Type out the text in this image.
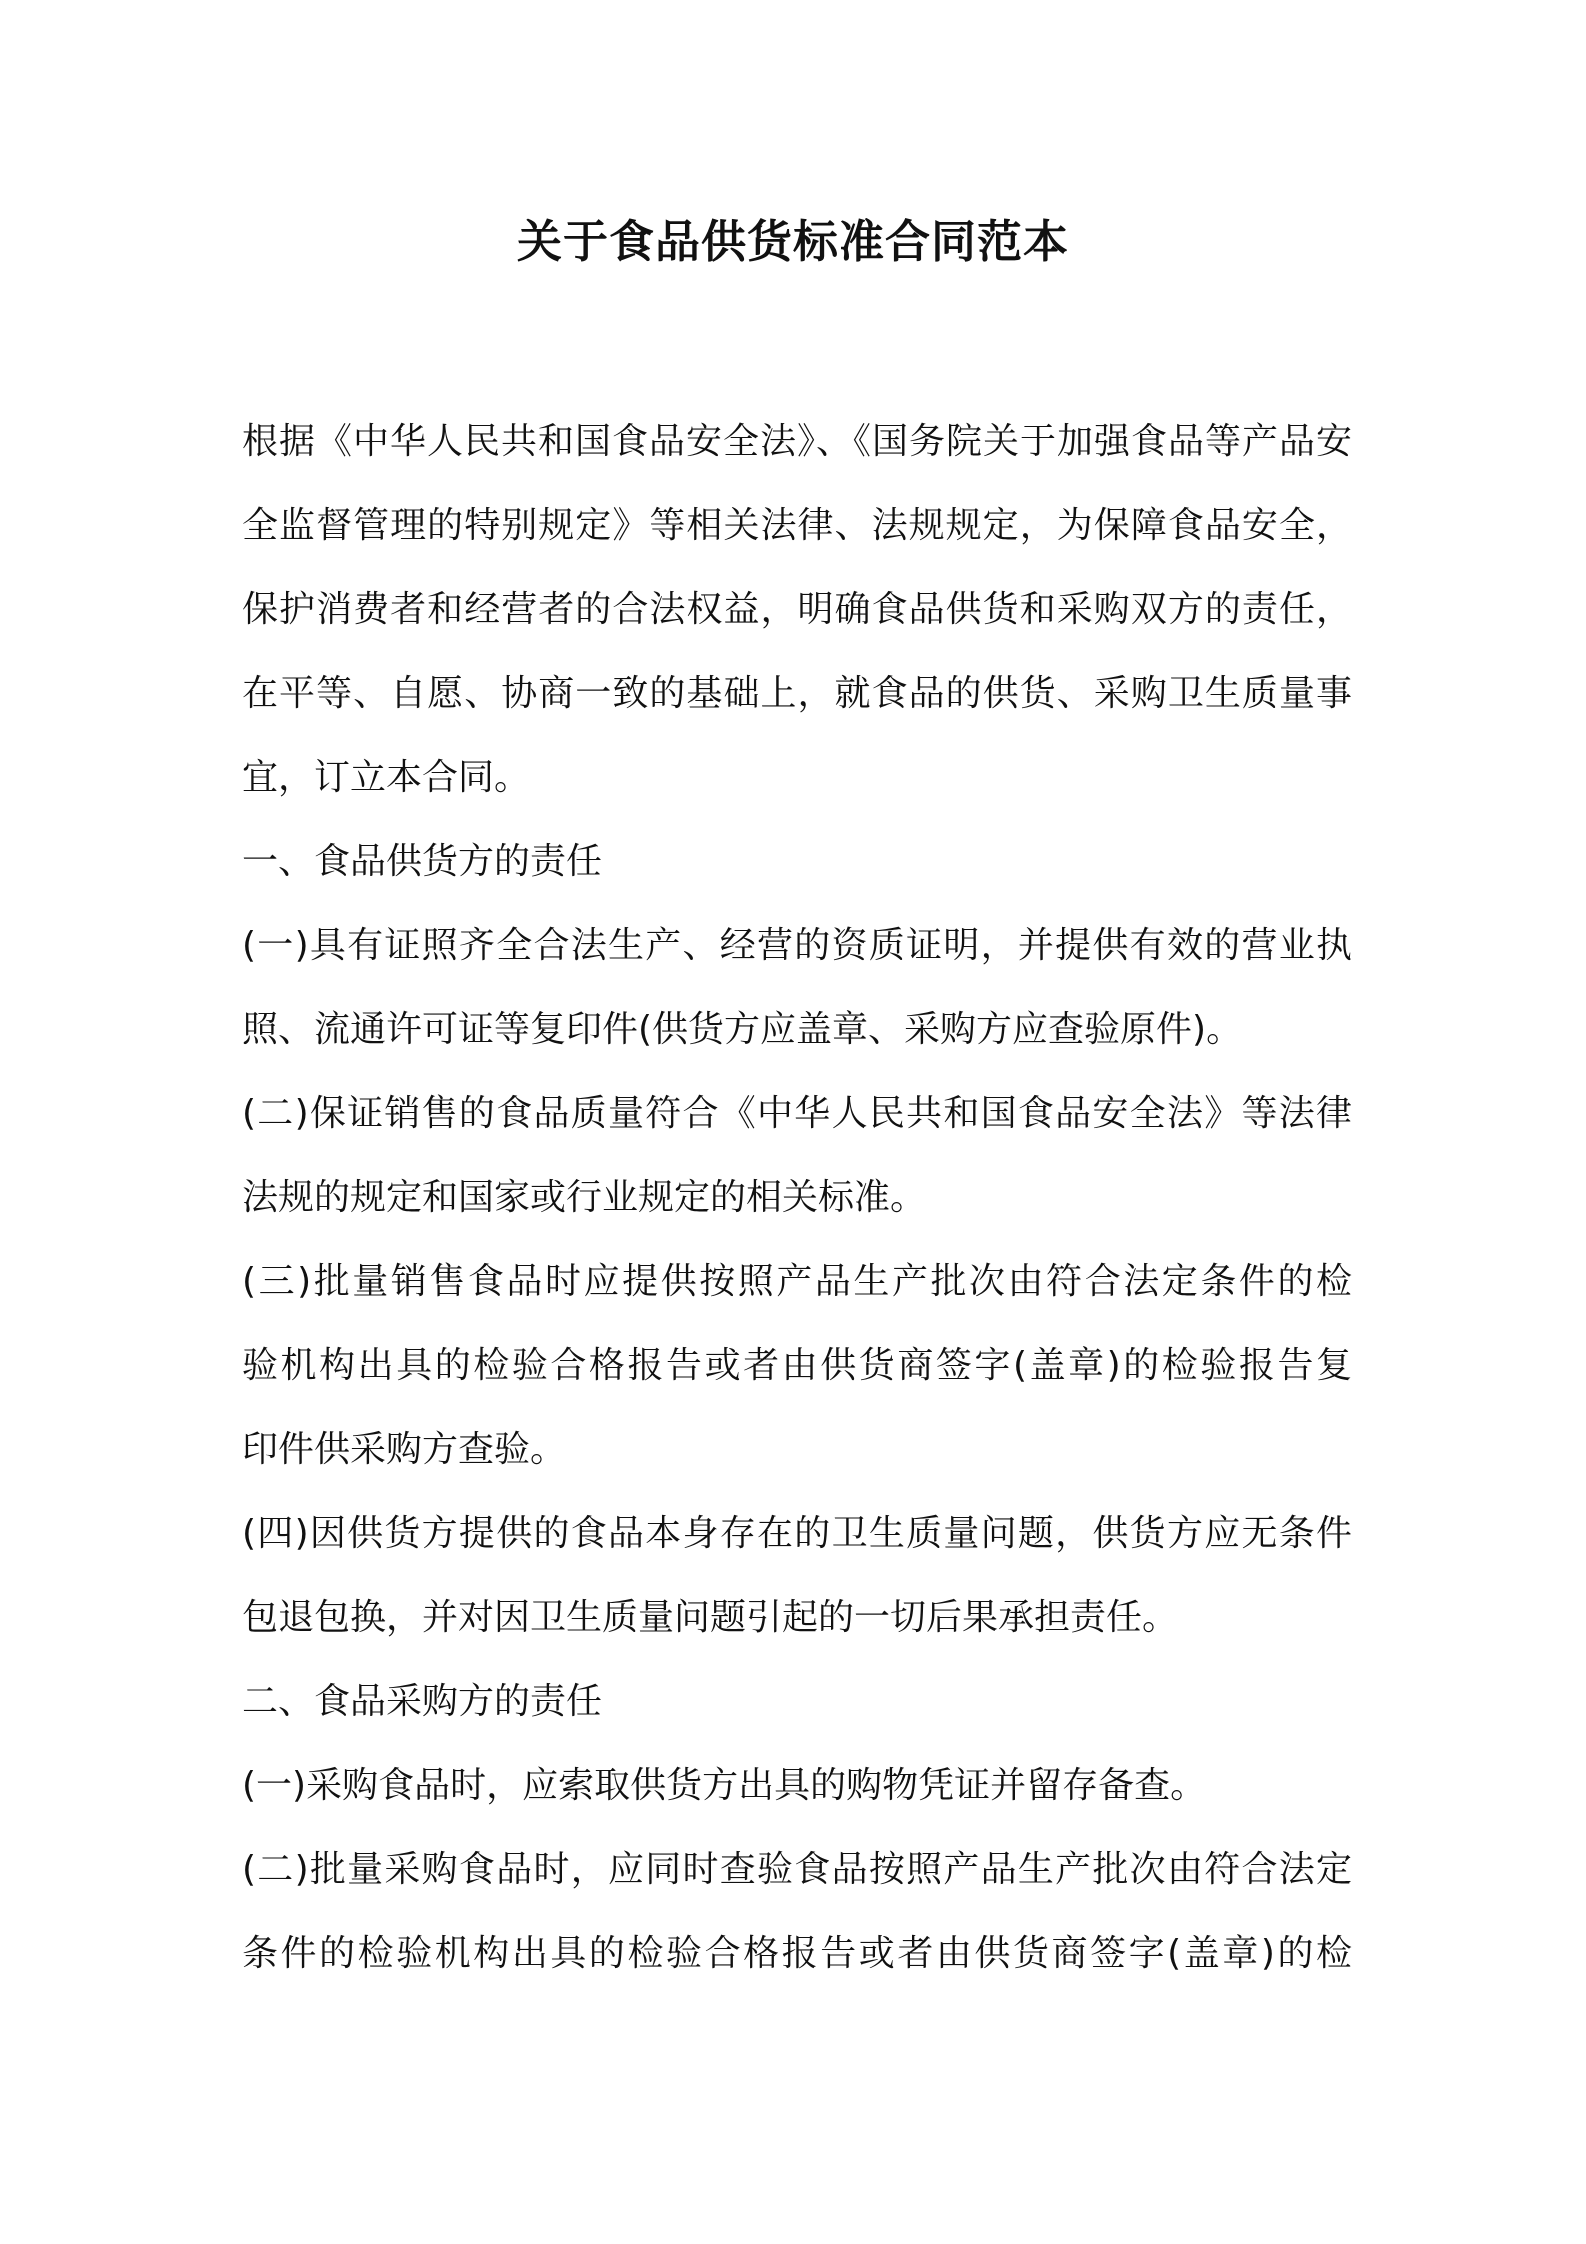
关于食品供货标准合同范本

根据《中华人民共和国食品安全法》、《国务院关于加强食品等产品安

全监督管理的特别规定》等相关法律、法规规定，为保障食品安全，

保护消费者和经营者的合法权益，明确食品供货和采购双方的责任，

在平等、自愿、协商一致的基础上，就食品的供货、采购卫生质量事

宜，订立本合同。

一、食品供货方的责任

(一)具有证照齐全合法生产、经营的资质证明，并提供有效的营业执

照、流通许可证等复印件(供货方应盖章、采购方应查验原件)。

(二)保证销售的食品质量符合《中华人民共和国食品安全法》等法律

法规的规定和国家或行业规定的相关标准。

(三)批量销售食品时应提供按照产品生产批次由符合法定条件的检

验机构出具的检验合格报告或者由供货商签字(盖章)的检验报告复

印件供采购方查验。

(四)因供货方提供的食品本身存在的卫生质量问题，供货方应无条件

包退包换，并对因卫生质量问题引起的一切后果承担责任。

二、食品采购方的责任

(一)采购食品时，应索取供货方出具的购物凭证并留存备查。

(二)批量采购食品时，应同时查验食品按照产品生产批次由符合法定

条件的检验机构出具的检验合格报告或者由供货商签字(盖章)的检
